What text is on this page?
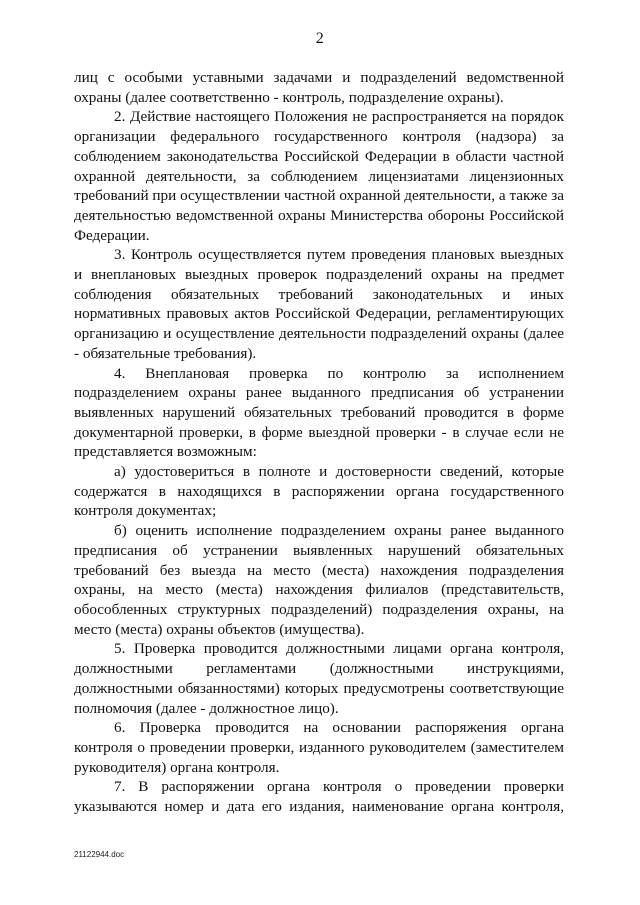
2

лиц с особыми уставными задачами и подразделений ведомственной охраны (далее соответственно - контроль, подразделение охраны).

2. Действие настоящего Положения не распространяется на порядок организации федерального государственного контроля (надзора) за соблюдением законодательства Российской Федерации в области частной охранной деятельности, за соблюдением лицензиатами лицензионных требований при осуществлении частной охранной деятельности, а также за деятельностью ведомственной охраны Министерства обороны Российской Федерации.

3. Контроль осуществляется путем проведения плановых выездных и внеплановых выездных проверок подразделений охраны на предмет соблюдения обязательных требований законодательных и иных нормативных правовых актов Российской Федерации, регламентирующих организацию и осуществление деятельности подразделений охраны (далее - обязательные требования).

4. Внеплановая проверка по контролю за исполнением подразделением охраны ранее выданного предписания об устранении выявленных нарушений обязательных требований проводится в форме документарной проверки, в форме выездной проверки - в случае если не представляется возможным:

а) удостовериться в полноте и достоверности сведений, которые содержатся в находящихся в распоряжении органа государственного контроля документах;

б) оценить исполнение подразделением охраны ранее выданного предписания об устранении выявленных нарушений обязательных требований без выезда на место (места) нахождения подразделения охраны, на место (места) нахождения филиалов (представительств, обособленных структурных подразделений) подразделения охраны, на место (места) охраны объектов (имущества).

5. Проверка проводится должностными лицами органа контроля, должностными регламентами (должностными инструкциями, должностными обязанностями) которых предусмотрены соответствующие полномочия (далее - должностное лицо).

6. Проверка проводится на основании распоряжения органа контроля о проведении проверки, изданного руководителем (заместителем руководителя) органа контроля.

7. В распоряжении органа контроля о проведении проверки указываются номер и дата его издания, наименование органа контроля,

21122944.doc
